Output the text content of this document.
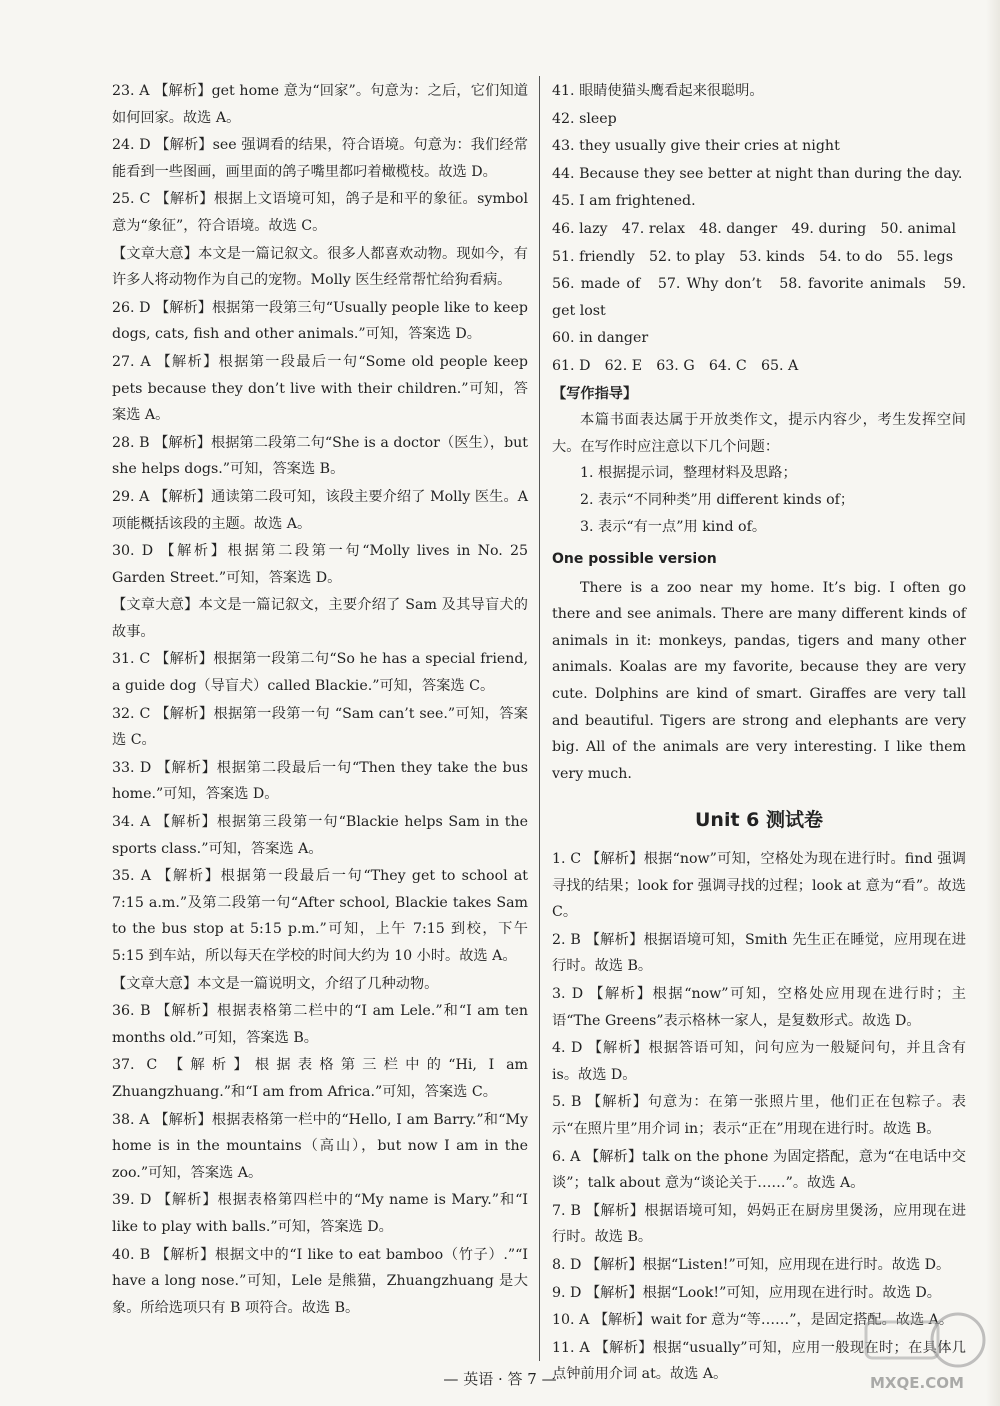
23. A 【解析】get home 意为“回家”。句意为：之后，它们知道如何回家。故选 A。
24. D 【解析】see 强调看的结果，符合语境。句意为：我们经常能看到一些图画，画里面的鸽子嘴里都叼着橄榄枝。故选 D。
25. C 【解析】根据上文语境可知，鸽子是和平的象征。symbol 意为“象征”，符合语境。故选 C。
【文章大意】本文是一篇记叙文。很多人都喜欢动物。现如今，有许多人将动物作为自己的宠物。Molly 医生经常帮忙给狗看病。
26. D 【解析】根据第一段第三句“Usually people like to keep dogs, cats, fish and other animals.”可知，答案选 D。
27. A 【解析】根据第一段最后一句“Some old people keep pets because they don’t live with their children.”可知，答案选 A。
28. B 【解析】根据第二段第二句“She is a doctor（医生），but she helps dogs.”可知，答案选 B。
29. A 【解析】通读第二段可知，该段主要介绍了 Molly 医生。A 项能概括该段的主题。故选 A。
30. D 【解析】根据第二段第一句“Molly lives in No. 25 Garden Street.”可知，答案选 D。
【文章大意】本文是一篇记叙文，主要介绍了 Sam 及其导盲犬的故事。
31. C 【解析】根据第一段第二句“So he has a special friend, a guide dog（导盲犬）called Blackie.”可知，答案选 C。
32. C 【解析】根据第一段第一句 “Sam can’t see.”可知，答案选 C。
33. D 【解析】根据第二段最后一句“Then they take the bus home.”可知，答案选 D。
34. A 【解析】根据第三段第一句“Blackie helps Sam in the sports class.”可知，答案选 A。
35. A 【解析】根据第一段最后一句“They get to school at 7:15 a.m.”及第二段第一句“After school, Blackie takes Sam to the bus stop at 5:15 p.m.”可知，上午 7:15 到校，下午 5:15 到车站，所以每天在学校的时间大约为 10 小时。故选 A。
【文章大意】本文是一篇说明文，介绍了几种动物。
36. B 【解析】根据表格第二栏中的“I am Lele.”和“I am ten months old.”可知，答案选 B。
37. C 【解析】根据表格第三栏中的“Hi, I am Zhuangzhuang.”和“I am from Africa.”可知，答案选 C。
38. A 【解析】根据表格第一栏中的“Hello, I am Barry.”和“My home is in the mountains（高山），but now I am in the zoo.”可知，答案选 A。
39. D 【解析】根据表格第四栏中的“My name is Mary.”和“I like to play with balls.”可知，答案选 D。
40. B 【解析】根据文中的“I like to eat bamboo（竹子）.”“I have a long nose.”可知，Lele 是熊猫，Zhuangzhuang 是大象。所给选项只有 B 项符合。故选 B。
41. 眼睛使猫头鹰看起来很聪明。
42. sleep
43. they usually give their cries at night
44. Because they see better at night than during the day.
45. I am frightened.
46. lazy　47. relax　48. danger　49. during　50. animal
51. friendly　52. to play　53. kinds　54. to do　55. legs
56. made of　57. Why don’t　58. favorite animals　59. get lost
60. in danger
61. D　62. E　63. G　64. C　65. A
【写作指导】

本篇书面表达属于开放类作文，提示内容少，考生发挥空间大。在写作时应注意以下几个问题：

1. 根据提示词，整理材料及思路；
2. 表示“不同种类”用 different kinds of；
3. 表示“有一点”用 kind of。
One possible version

There is a zoo near my home. It’s big. I often go there and see animals. There are many different kinds of animals in it: monkeys, pandas, tigers and many other animals. Koalas are my favorite, because they are very cute. Dolphins are kind of smart. Giraffes are very tall and beautiful. Tigers are strong and elephants are very big. All of the animals are very interesting. I like them very much.

Unit 6 测试卷
1. C 【解析】根据“now”可知，空格处为现在进行时。find 强调寻找的结果；look for 强调寻找的过程；look at 意为“看”。故选 C。
2. B 【解析】根据语境可知，Smith 先生正在睡觉，应用现在进行时。故选 B。
3. D 【解析】根据“now”可知，空格处应用现在进行时；主语“The Greens”表示格林一家人，是复数形式。故选 D。
4. D 【解析】根据答语可知，问句应为一般疑问句，并且含有 is。故选 D。
5. B 【解析】句意为：在第一张照片里，他们正在包粽子。表示“在照片里”用介词 in；表示“正在”用现在进行时。故选 B。
6. A 【解析】talk on the phone 为固定搭配，意为“在电话中交谈”；talk about 意为“谈论关于……”。故选 A。
7. B 【解析】根据语境可知，妈妈正在厨房里煲汤，应用现在进行时。故选 B。
8. D 【解析】根据“Listen!”可知，应用现在进行时。故选 D。
9. D 【解析】根据“Look!”可知，应用现在进行时。故选 D。
10. A 【解析】wait for 意为“等……”，是固定搭配。故选 A。
11. A 【解析】根据“usually”可知，应用一般现在时；在具体几点钟前用介词 at。故选 A。
— 英语 · 答 7 —	MXQE.COM
